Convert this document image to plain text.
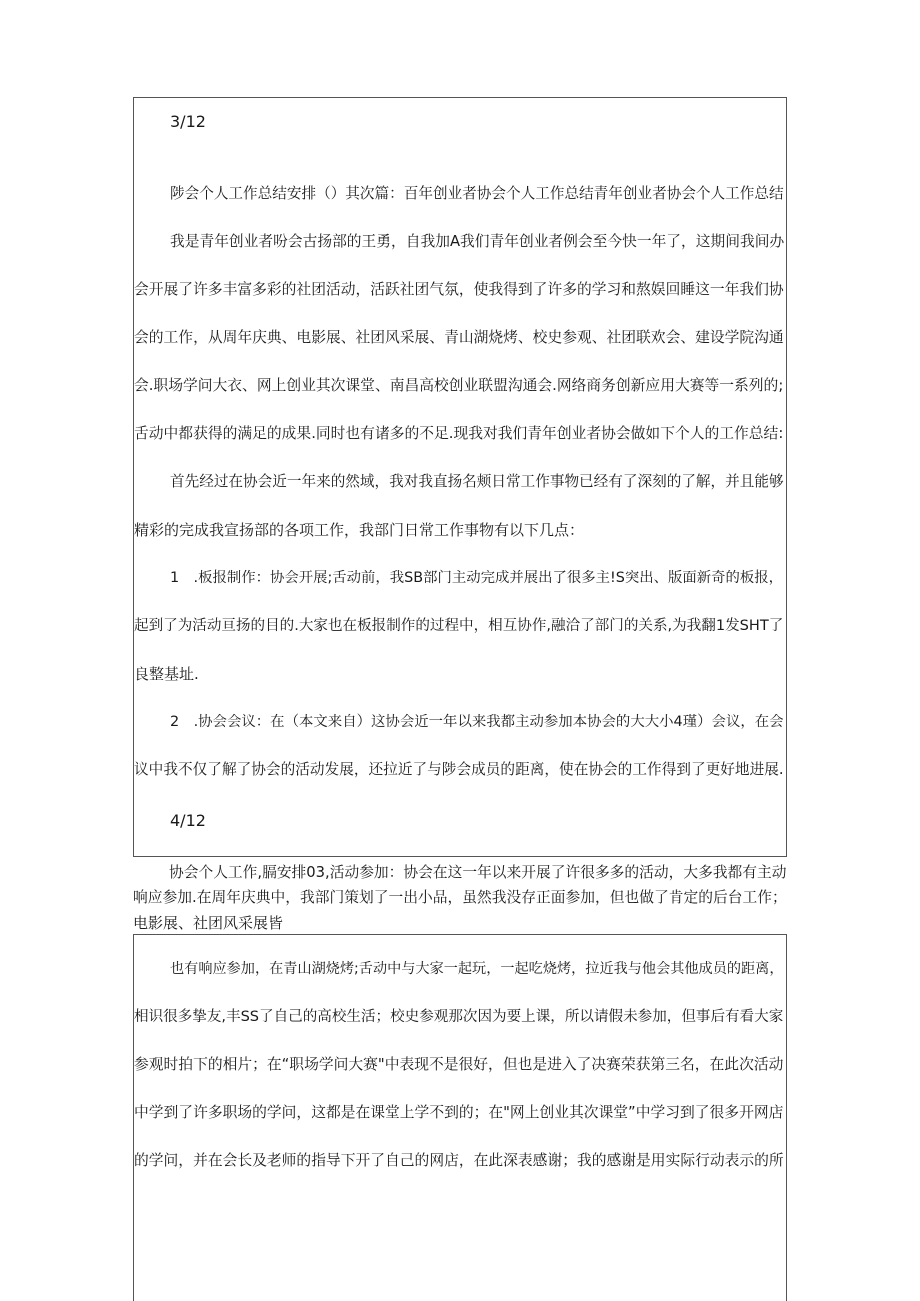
3/12
陟会个人工作总结安排（）其次篇：百年创业者协会个人工作总结青年创业者协会个人工作总结
我是青年创业者吩会古扬部的王勇，自我加A我们青年创业者例会至今快一年了，这期间我间办
会开展了许多丰富多彩的社团活动，活跃社团气氛，使我得到了许多的学习和熬娱回睡这一年我们协
会的工作，从周年庆典、电影展、社团风采展、青山湖烧烤、校史参观、社团联欢会、建设学院沟通
会.职场学问大衣、网上创业其次课堂、南昌高校创业联盟沟通会.网络商务创新应用大赛等一系列的;
舌动中都获得的满足的成果.同时也有诸多的不足.现我对我们青年创业者协会做如下个人的工作总结:
首先经过在协会近一年来的然域，我对我直扬名颊日常工作事物已经有了深刻的了解，并且能够
精彩的完成我宣扬部的各项工作，我部门日常工作事物有以下几点：
1　.板报制作：协会开展;舌动前，我SB部门主动完成并展出了很多主!S突出、版面新奇的板报，
起到了为活动亘扬的目的.大家也在板报制作的过程中，相互协作,融洽了部门的关系,为我翻1发SHT了
良整基址.
2　.协会会议：在（本文来自）这协会近一年以来我都主动参加本协会的大大小4瑾）会议，在会
议中我不仅了解了协会的活动发展，还拉近了与陟会成员的距离，使在协会的工作得到了更好地进展.
4/12
协会个人工作,膈安排03,活动参加：协会在这一年以来开展了许很多多的活动，大多我都有主动
响应参加.在周年庆典中，我部门策划了一出小品，虽然我没存正面参加，但也做了肯定的后台工作；
电影展、社团风采展皆
也有响应参加，在青山湖烧烤;舌动中与大家一起玩，一起吃烧烤，拉近我与他会其他成员的距离，
相识很多挚友,丰SS了自己的高校生活；校史参观那次因为要上课，所以请假未参加，但事后有看大家
参观时拍下的相片；在“职场学问大赛"中表现不是很好，但也是进入了决赛荣获第三名，在此次活动
中学到了许多职场的学问，这都是在课堂上学不到的；在"网上创业其次课堂”中学习到了很多开网店
的学问，并在会长及老师的指导下开了自己的网店，在此深表感谢；我的感谢是用实际行动表示的所
